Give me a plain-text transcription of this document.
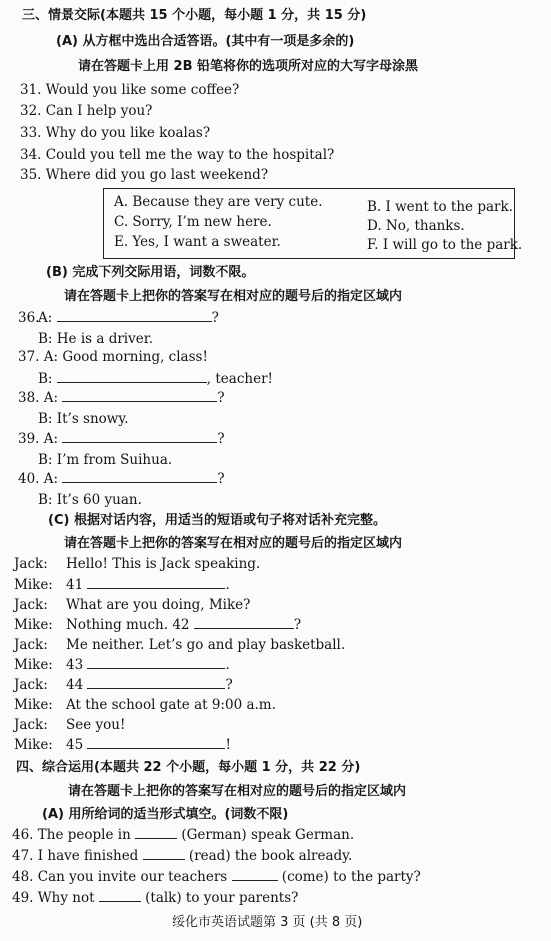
三、情景交际(本题共 15 个小题，每小题 1 分，共 15 分)
(A) 从方框中选出合适答语。(其中有一项是多余的)
请在答题卡上用 2B 铅笔将你的选项所对应的大写字母涂黑
31. Would you like some coffee?
32. Can I help you?
33. Why do you like koalas?
34. Could you tell me the way to the hospital?
35. Where did you go last weekend?
A. Because they are very cute.	B. I went to the park.
C. Sorry, I’m new here.	D. No, thanks.
E. Yes, I want a sweater.	F. I will go to the park.
(B) 完成下列交际用语，词数不限。
请在答题卡上把你的答案写在相对应的题号后的指定区域内
36.A:	?
B: He is a driver.
37. A: Good morning, class!
B:	, teacher!
38. A:	?
B: It’s snowy.
39. A:	?
B: I’m from Suihua.
40. A:	?
B: It’s 60 yuan.
(C) 根据对话内容，用适当的短语或句子将对话补充完整。
请在答题卡上把你的答案写在相对应的题号后的指定区域内
Jack: Hello! This is Jack speaking.
Mike: 41	.
Jack: What are you doing, Mike?
Mike: Nothing much. 42	?
Jack: Me neither. Let’s go and play basketball.
Mike: 43	.
Jack: 44	?
Mike: At the school gate at 9:00 a.m.
Jack: See you!
Mike: 45	!
四、综合运用(本题共 22 个小题，每小题 1 分，共 22 分)
请在答题卡上把你的答案写在相对应的题号后的指定区域内
(A) 用所给词的适当形式填空。(词数不限)
46. The people in	(German) speak German.
47. I have finished	(read) the book already.
48. Can you invite our teachers	(come) to the party?
49. Why not	(talk) to your parents?
绥化市英语试题第 3 页 (共 8 页)
